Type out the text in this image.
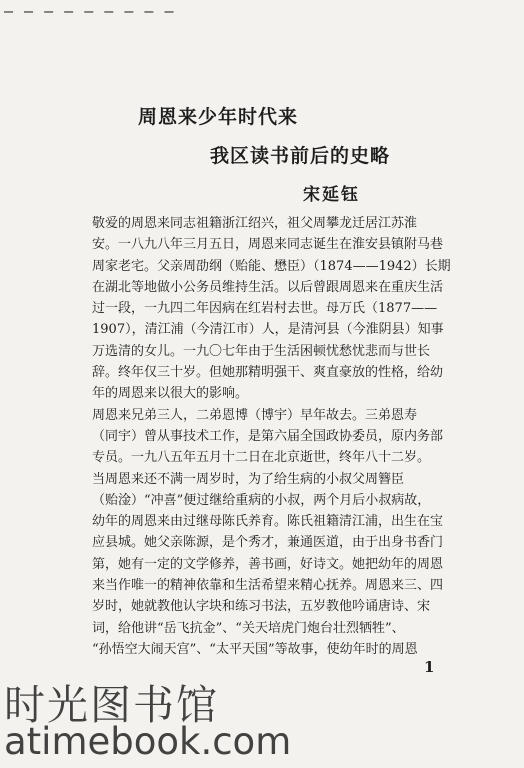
— — — — — — — — —
周恩来少年时代来
我区读书前后的史略
宋延钰
敬爱的周恩来同志祖籍浙江绍兴，祖父周攀龙迁居江苏淮
安。一八九八年三月五日，周恩来同志诞生在淮安县镇附马巷
周家老宅。父亲周劭纲（贻能、懋臣）（1874——1942）长期
在湖北等地做小公务员维持生活。以后曾跟周恩来在重庆生活
过一段，一九四二年因病在红岩村去世。母万氏（1877——
1907），清江浦（今清江市）人，是清河县（今淮阴县）知事
万选清的女儿。一九〇七年由于生活困顿忧愁忧悲而与世长
辞。终年仅三十岁。但她那精明强干、爽直豪放的性格，给幼
年的周恩来以很大的影响。
周恩来兄弟三人，二弟恩博（博宇）早年故去。三弟恩寿
（同宇）曾从事技术工作，是第六届全国政协委员，原内务部
专员。一九八五年五月十二日在北京逝世，终年八十二岁。
当周恩来还不满一周岁时，为了给生病的小叔父周簪臣
（贻淦）“冲喜”便过继给重病的小叔，两个月后小叔病故，
幼年的周恩来由过继母陈氏养育。陈氏祖籍清江浦，出生在宝
应县城。她父亲陈源，是个秀才，兼通医道，由于出身书香门
第，她有一定的文学修养，善书画，好诗文。她把幼年的周恩
来当作唯一的精神依靠和生活希望来精心抚养。周恩来三、四
岁时，她就教他认字块和练习书法，五岁教他吟诵唐诗、宋
词，给他讲“岳飞抗金”、“关天培虎门炮台壮烈牺牲”、
“孙悟空大闹天宫”、“太平天国”等故事，使幼年时的周恩
1
时光图书馆
atimebook.com
